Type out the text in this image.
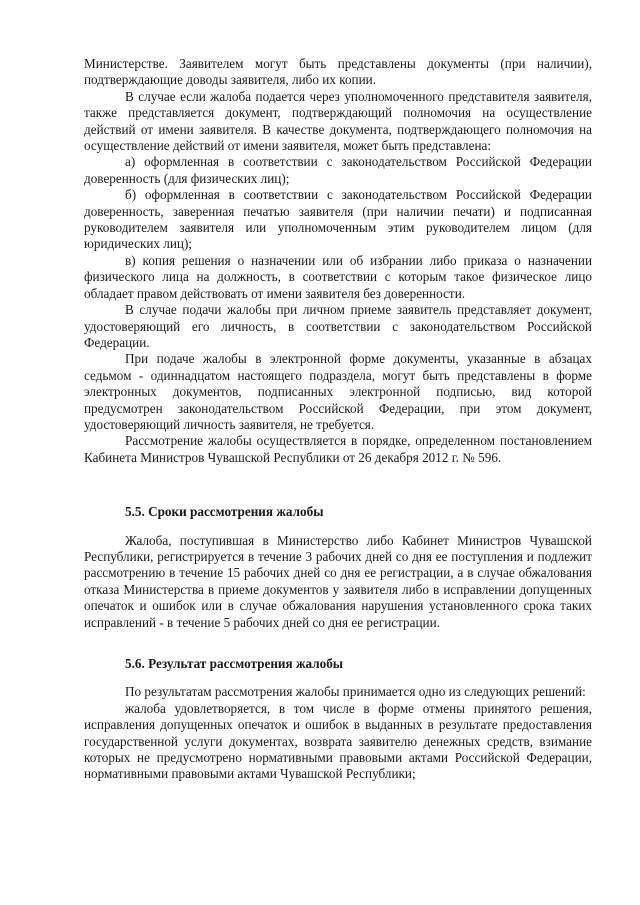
Министерстве. Заявителем могут быть представлены документы (при наличии), подтверждающие доводы заявителя, либо их копии.

В случае если жалоба подается через уполномоченного представителя заявителя, также представляется документ, подтверждающий полномочия на осуществление действий от имени заявителя. В качестве документа, подтверждающего полномочия на осуществление действий от имени заявителя, может быть представлена:

а) оформленная в соответствии с законодательством Российской Федерации доверенность (для физических лиц);

б) оформленная в соответствии с законодательством Российской Федерации доверенность, заверенная печатью заявителя (при наличии печати) и подписанная руководителем заявителя или уполномоченным этим руководителем лицом (для юридических лиц);

в) копия решения о назначении или об избрании либо приказа о назначении физического лица на должность, в соответствии с которым такое физическое лицо обладает правом действовать от имени заявителя без доверенности.

В случае подачи жалобы при личном приеме заявитель представляет документ, удостоверяющий его личность, в соответствии с законодательством Российской Федерации.

При подаче жалобы в электронной форме документы, указанные в абзацах седьмом - одиннадцатом настоящего подраздела, могут быть представлены в форме электронных документов, подписанных электронной подписью, вид которой предусмотрен законодательством Российской Федерации, при этом документ, удостоверяющий личность заявителя, не требуется.

Рассмотрение жалобы осуществляется в порядке, определенном постановлением Кабинета Министров Чувашской Республики от 26 декабря 2012 г. № 596.

5.5. Сроки рассмотрения жалобы

Жалоба, поступившая в Министерство либо Кабинет Министров Чувашской Республики, регистрируется в течение 3 рабочих дней со дня ее поступления и подлежит рассмотрению в течение 15 рабочих дней со дня ее регистрации, а в случае обжалования отказа Министерства в приеме документов у заявителя либо в исправлении допущенных опечаток и ошибок или в случае обжалования нарушения установленного срока таких исправлений - в течение 5 рабочих дней со дня ее регистрации.

5.6. Результат рассмотрения жалобы

По результатам рассмотрения жалобы принимается одно из следующих решений:

жалоба удовлетворяется, в том числе в форме отмены принятого решения, исправления допущенных опечаток и ошибок в выданных в результате предоставления государственной услуги документах, возврата заявителю денежных средств, взимание которых не предусмотрено нормативными правовыми актами Российской Федерации, нормативными правовыми актами Чувашской Республики;
